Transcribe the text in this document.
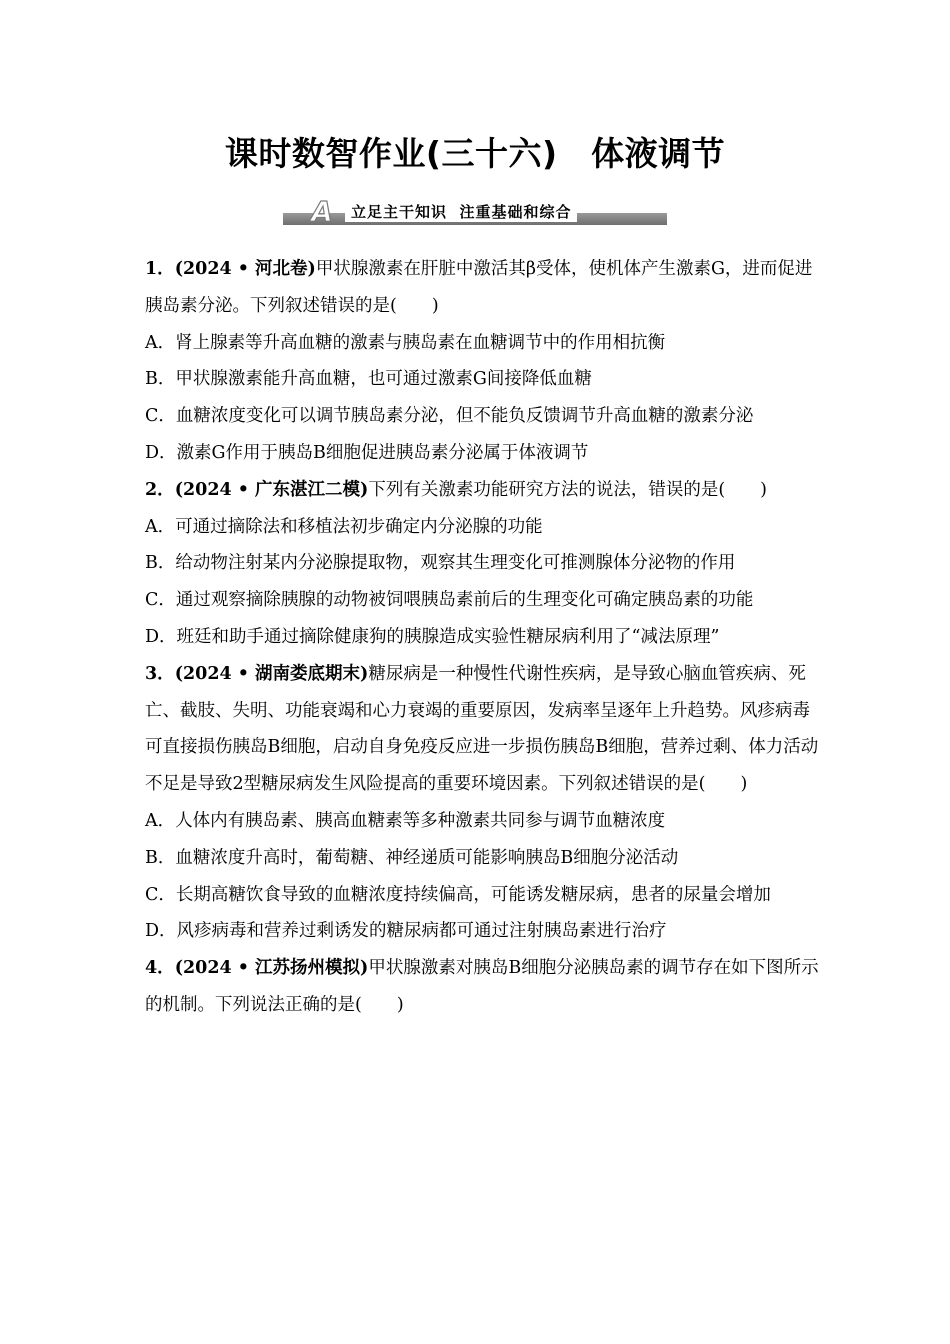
课时数智作业(三十六)　体液调节
A	立足主干知识  注重基础和综合

1．(2024 • 河北卷)甲状腺激素在肝脏中激活其β受体，使机体产生激素G，进而促进胰岛素分泌。下列叙述错误的是(　　)

A．肾上腺素等升高血糖的激素与胰岛素在血糖调节中的作用相抗衡

B．甲状腺激素能升高血糖，也可通过激素G间接降低血糖

C．血糖浓度变化可以调节胰岛素分泌，但不能负反馈调节升高血糖的激素分泌

D．激素G作用于胰岛B细胞促进胰岛素分泌属于体液调节

2．(2024 • 广东湛江二模)下列有关激素功能研究方法的说法，错误的是(　　)

A．可通过摘除法和移植法初步确定内分泌腺的功能

B．给动物注射某内分泌腺提取物，观察其生理变化可推测腺体分泌物的作用

C．通过观察摘除胰腺的动物被饲喂胰岛素前后的生理变化可确定胰岛素的功能

D．班廷和助手通过摘除健康狗的胰腺造成实验性糖尿病利用了“减法原理”

3．(2024 • 湖南娄底期末)糖尿病是一种慢性代谢性疾病，是导致心脑血管疾病、死亡、截肢、失明、功能衰竭和心力衰竭的重要原因，发病率呈逐年上升趋势。风疹病毒可直接损伤胰岛B细胞，启动自身免疫反应进一步损伤胰岛B细胞，营养过剩、体力活动不足是导致2型糖尿病发生风险提高的重要环境因素。下列叙述错误的是(　　)

A．人体内有胰岛素、胰高血糖素等多种激素共同参与调节血糖浓度

B．血糖浓度升高时，葡萄糖、神经递质可能影响胰岛B细胞分泌活动

C．长期高糖饮食导致的血糖浓度持续偏高，可能诱发糖尿病，患者的尿量会增加

D．风疹病毒和营养过剩诱发的糖尿病都可通过注射胰岛素进行治疗

4．(2024 • 江苏扬州模拟)甲状腺激素对胰岛B细胞分泌胰岛素的调节存在如下图所示的机制。下列说法正确的是(　　)
